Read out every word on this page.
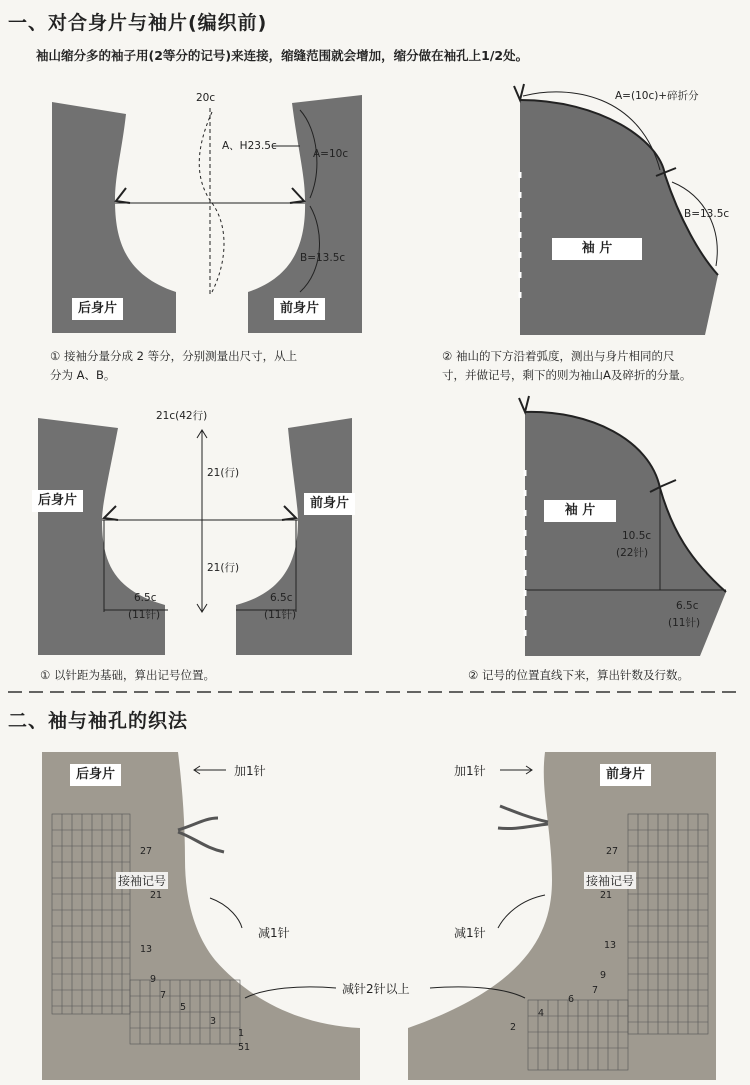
一、对合身片与袖片(编织前)
袖山缩分多的袖子用(2等分的记号)来连接，缩缝范围就会增加，缩分做在袖孔上1/2处。
后身片	前身片
20c
A、H23.5c
A=10c
B=13.5c
① 接袖分量分成 2 等分，分别测量出尺寸，从上
分为 A、B。
袖 片
A=(10c)+碎折分
B=13.5c
② 袖山的下方沿着弧度，测出与身片相同的尺
寸，并做记号，剩下的则为袖山A及碎折的分量。
后身片	前身片
21c(42行)
21(行)
21(行)
6.5c
(11针)
6.5c
(11针)
① 以针距为基础，算出记号位置。
袖 片
10.5c
(22针)
6.5c
(11针)
② 记号的位置直线下来，算出针数及行数。
二、袖与袖孔的织法
后身片	前身片
加1针	加1针
接袖记号	接袖记号
减1针	减1针
减针2针以上
27
21
13
9
7
5
3
1
51
27
21
13
9
7
6
4
2
